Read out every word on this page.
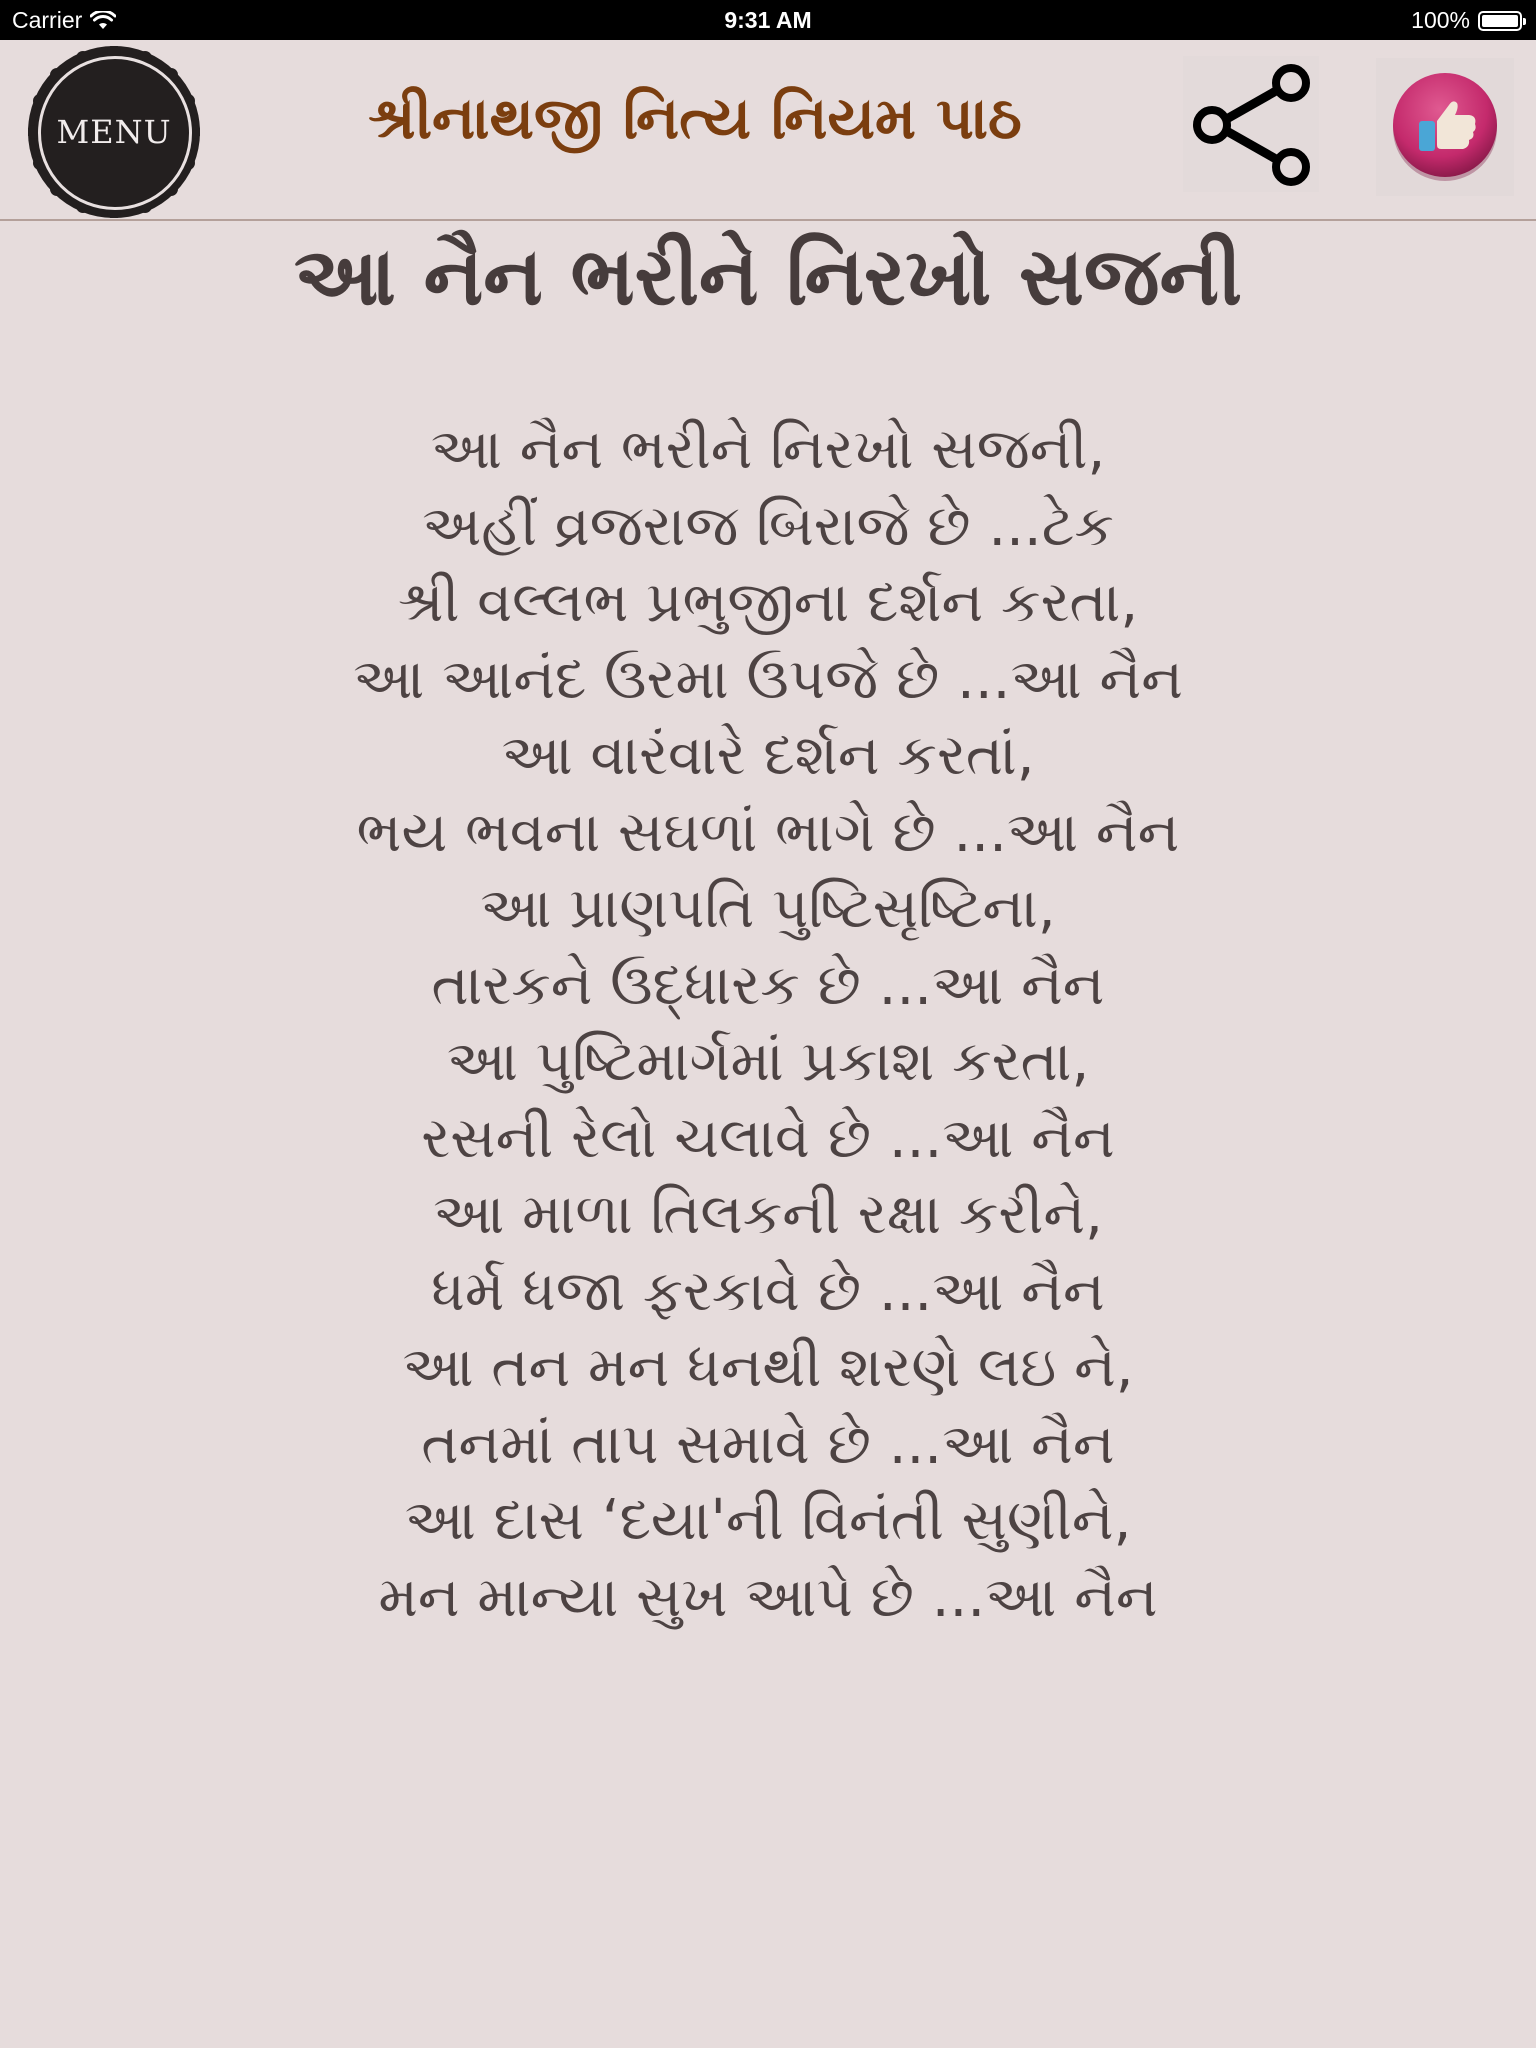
Carrier	9:31 AM	100%
MENU	શ્રીનાથજી નિત્ય નિયમ પાઠ
આ નૈન ભરીને નિરખો સજની
આ નૈન ભરીને નિરખો સજની,
અહીં વ્રજરાજ બિરાજે છે ...ટેક
શ્રી વલ્લભ પ્રભુજીના દર્શન કરતા,
આ આનંદ ઉરમા ઉપજે છે ...આ નૈન
આ વારંવારે દર્શન કરતાં,
ભય ભવના સઘળાં ભાગે છે ...આ નૈન
આ પ્રાણપતિ પુષ્ટિસૃષ્ટિના,
તારકને ઉદ્ધારક છે ...આ નૈન
આ પુષ્ટિમાર્ગમાં પ્રકાશ કરતા,
રસની રેલો ચલાવે છે ...આ નૈન
આ માળા તિલકની રક્ષા કરીને,
ધર્મ ધજા ફરકાવે છે ...આ નૈન
આ તન મન ધનથી શરણે લઇ ને,
તનમાં તાપ સમાવે છે ...આ નૈન
આ દાસ ‘દયા'ની વિનંતી સુણીને,
મન માન્યા સુખ આપે છે ...આ નૈન
